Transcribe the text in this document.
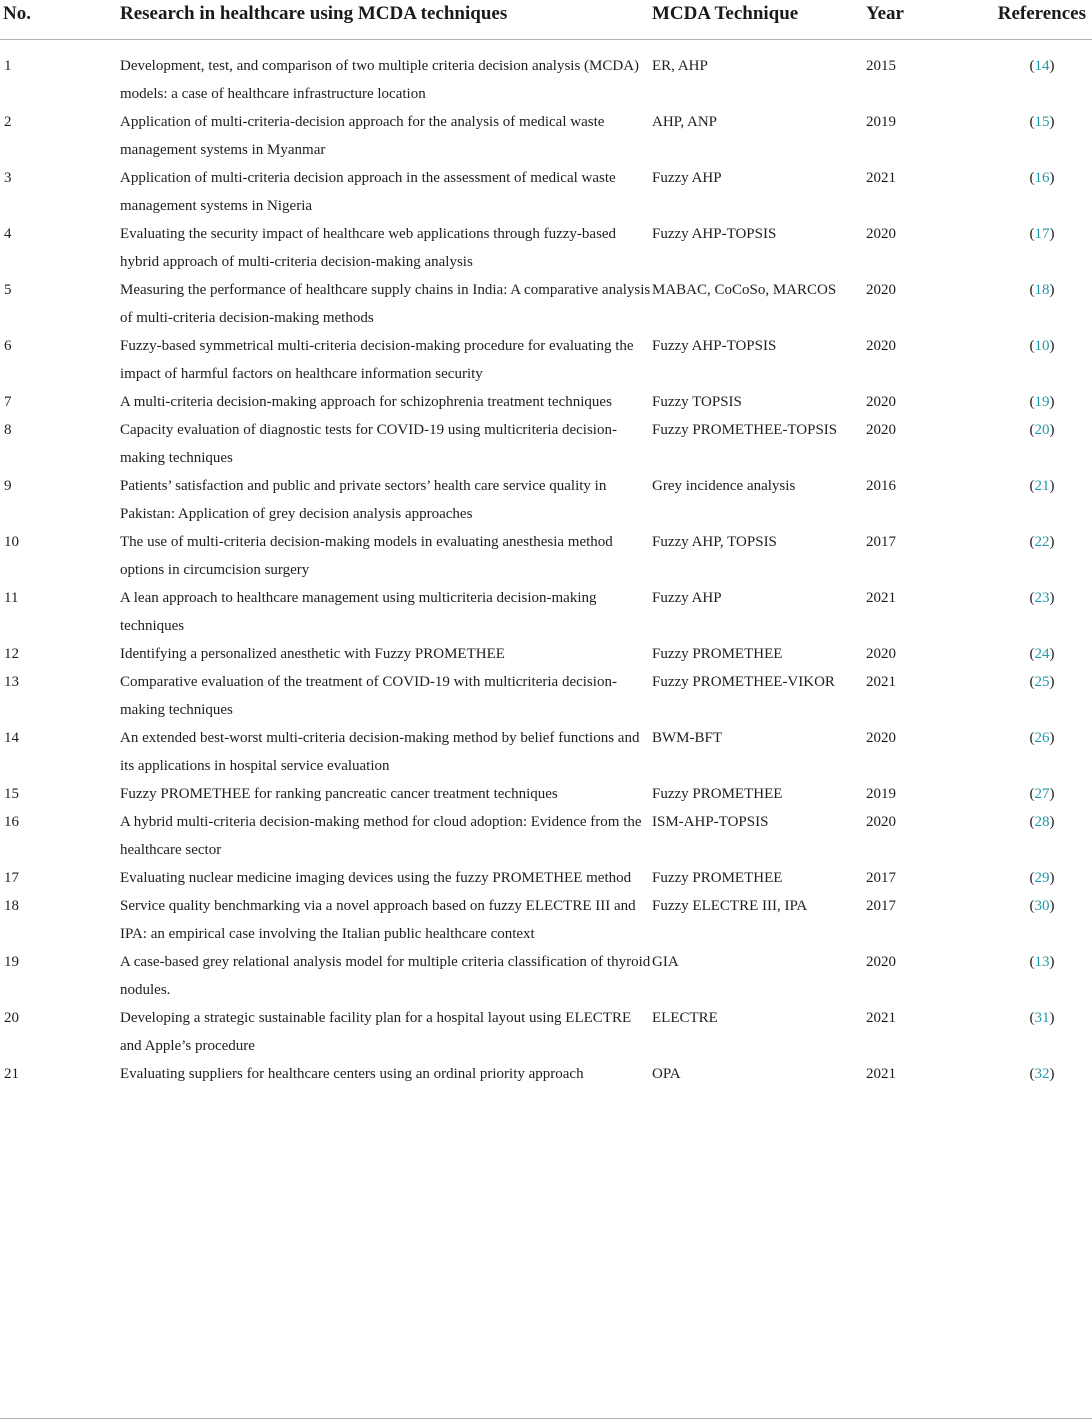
No.	Research in healthcare using MCDA techniques	MCDA Technique	Year	References
1	Development, test, and comparison of two multiple criteria decision analysis (MCDA) models: a case of healthcare infrastructure location	ER, AHP	2015	(14)
2	Application of multi-criteria-decision approach for the analysis of medical waste management systems in Myanmar	AHP, ANP	2019	(15)
3	Application of multi-criteria decision approach in the assessment of medical waste management systems in Nigeria	Fuzzy AHP	2021	(16)
4	Evaluating the security impact of healthcare web applications through fuzzy-based hybrid approach of multi-criteria decision-making analysis	Fuzzy AHP-TOPSIS	2020	(17)
5	Measuring the performance of healthcare supply chains in India: A comparative analysis of multi-criteria decision-making methods	MABAC, CoCoSo, MARCOS	2020	(18)
6	Fuzzy-based symmetrical multi-criteria decision-making procedure for evaluating the impact of harmful factors on healthcare information security	Fuzzy AHP-TOPSIS	2020	(10)
7	A multi-criteria decision-making approach for schizophrenia treatment techniques	Fuzzy TOPSIS	2020	(19)
8	Capacity evaluation of diagnostic tests for COVID-19 using multicriteria decision-making techniques	Fuzzy PROMETHEE-TOPSIS	2020	(20)
9	Patients’ satisfaction and public and private sectors’ health care service quality in Pakistan: Application of grey decision analysis approaches	Grey incidence analysis	2016	(21)
10	The use of multi-criteria decision-making models in evaluating anesthesia method options in circumcision surgery	Fuzzy AHP, TOPSIS	2017	(22)
11	A lean approach to healthcare management using multicriteria decision-making techniques	Fuzzy AHP	2021	(23)
12	Identifying a personalized anesthetic with Fuzzy PROMETHEE	Fuzzy PROMETHEE	2020	(24)
13	Comparative evaluation of the treatment of COVID-19 with multicriteria decision-making techniques	Fuzzy PROMETHEE-VIKOR	2021	(25)
14	An extended best-worst multi-criteria decision-making method by belief functions and its applications in hospital service evaluation	BWM-BFT	2020	(26)
15	Fuzzy PROMETHEE for ranking pancreatic cancer treatment techniques	Fuzzy PROMETHEE	2019	(27)
16	A hybrid multi-criteria decision-making method for cloud adoption: Evidence from the healthcare sector	ISM-AHP-TOPSIS	2020	(28)
17	Evaluating nuclear medicine imaging devices using the fuzzy PROMETHEE method	Fuzzy PROMETHEE	2017	(29)
18	Service quality benchmarking via a novel approach based on fuzzy ELECTRE III and IPA: an empirical case involving the Italian public healthcare context	Fuzzy ELECTRE III, IPA	2017	(30)
19	A case-based grey relational analysis model for multiple criteria classification of thyroid nodules.	GIA	2020	(13)
20	Developing a strategic sustainable facility plan for a hospital layout using ELECTRE and Apple’s procedure	ELECTRE	2021	(31)
21	Evaluating suppliers for healthcare centers using an ordinal priority approach	OPA	2021	(32)
